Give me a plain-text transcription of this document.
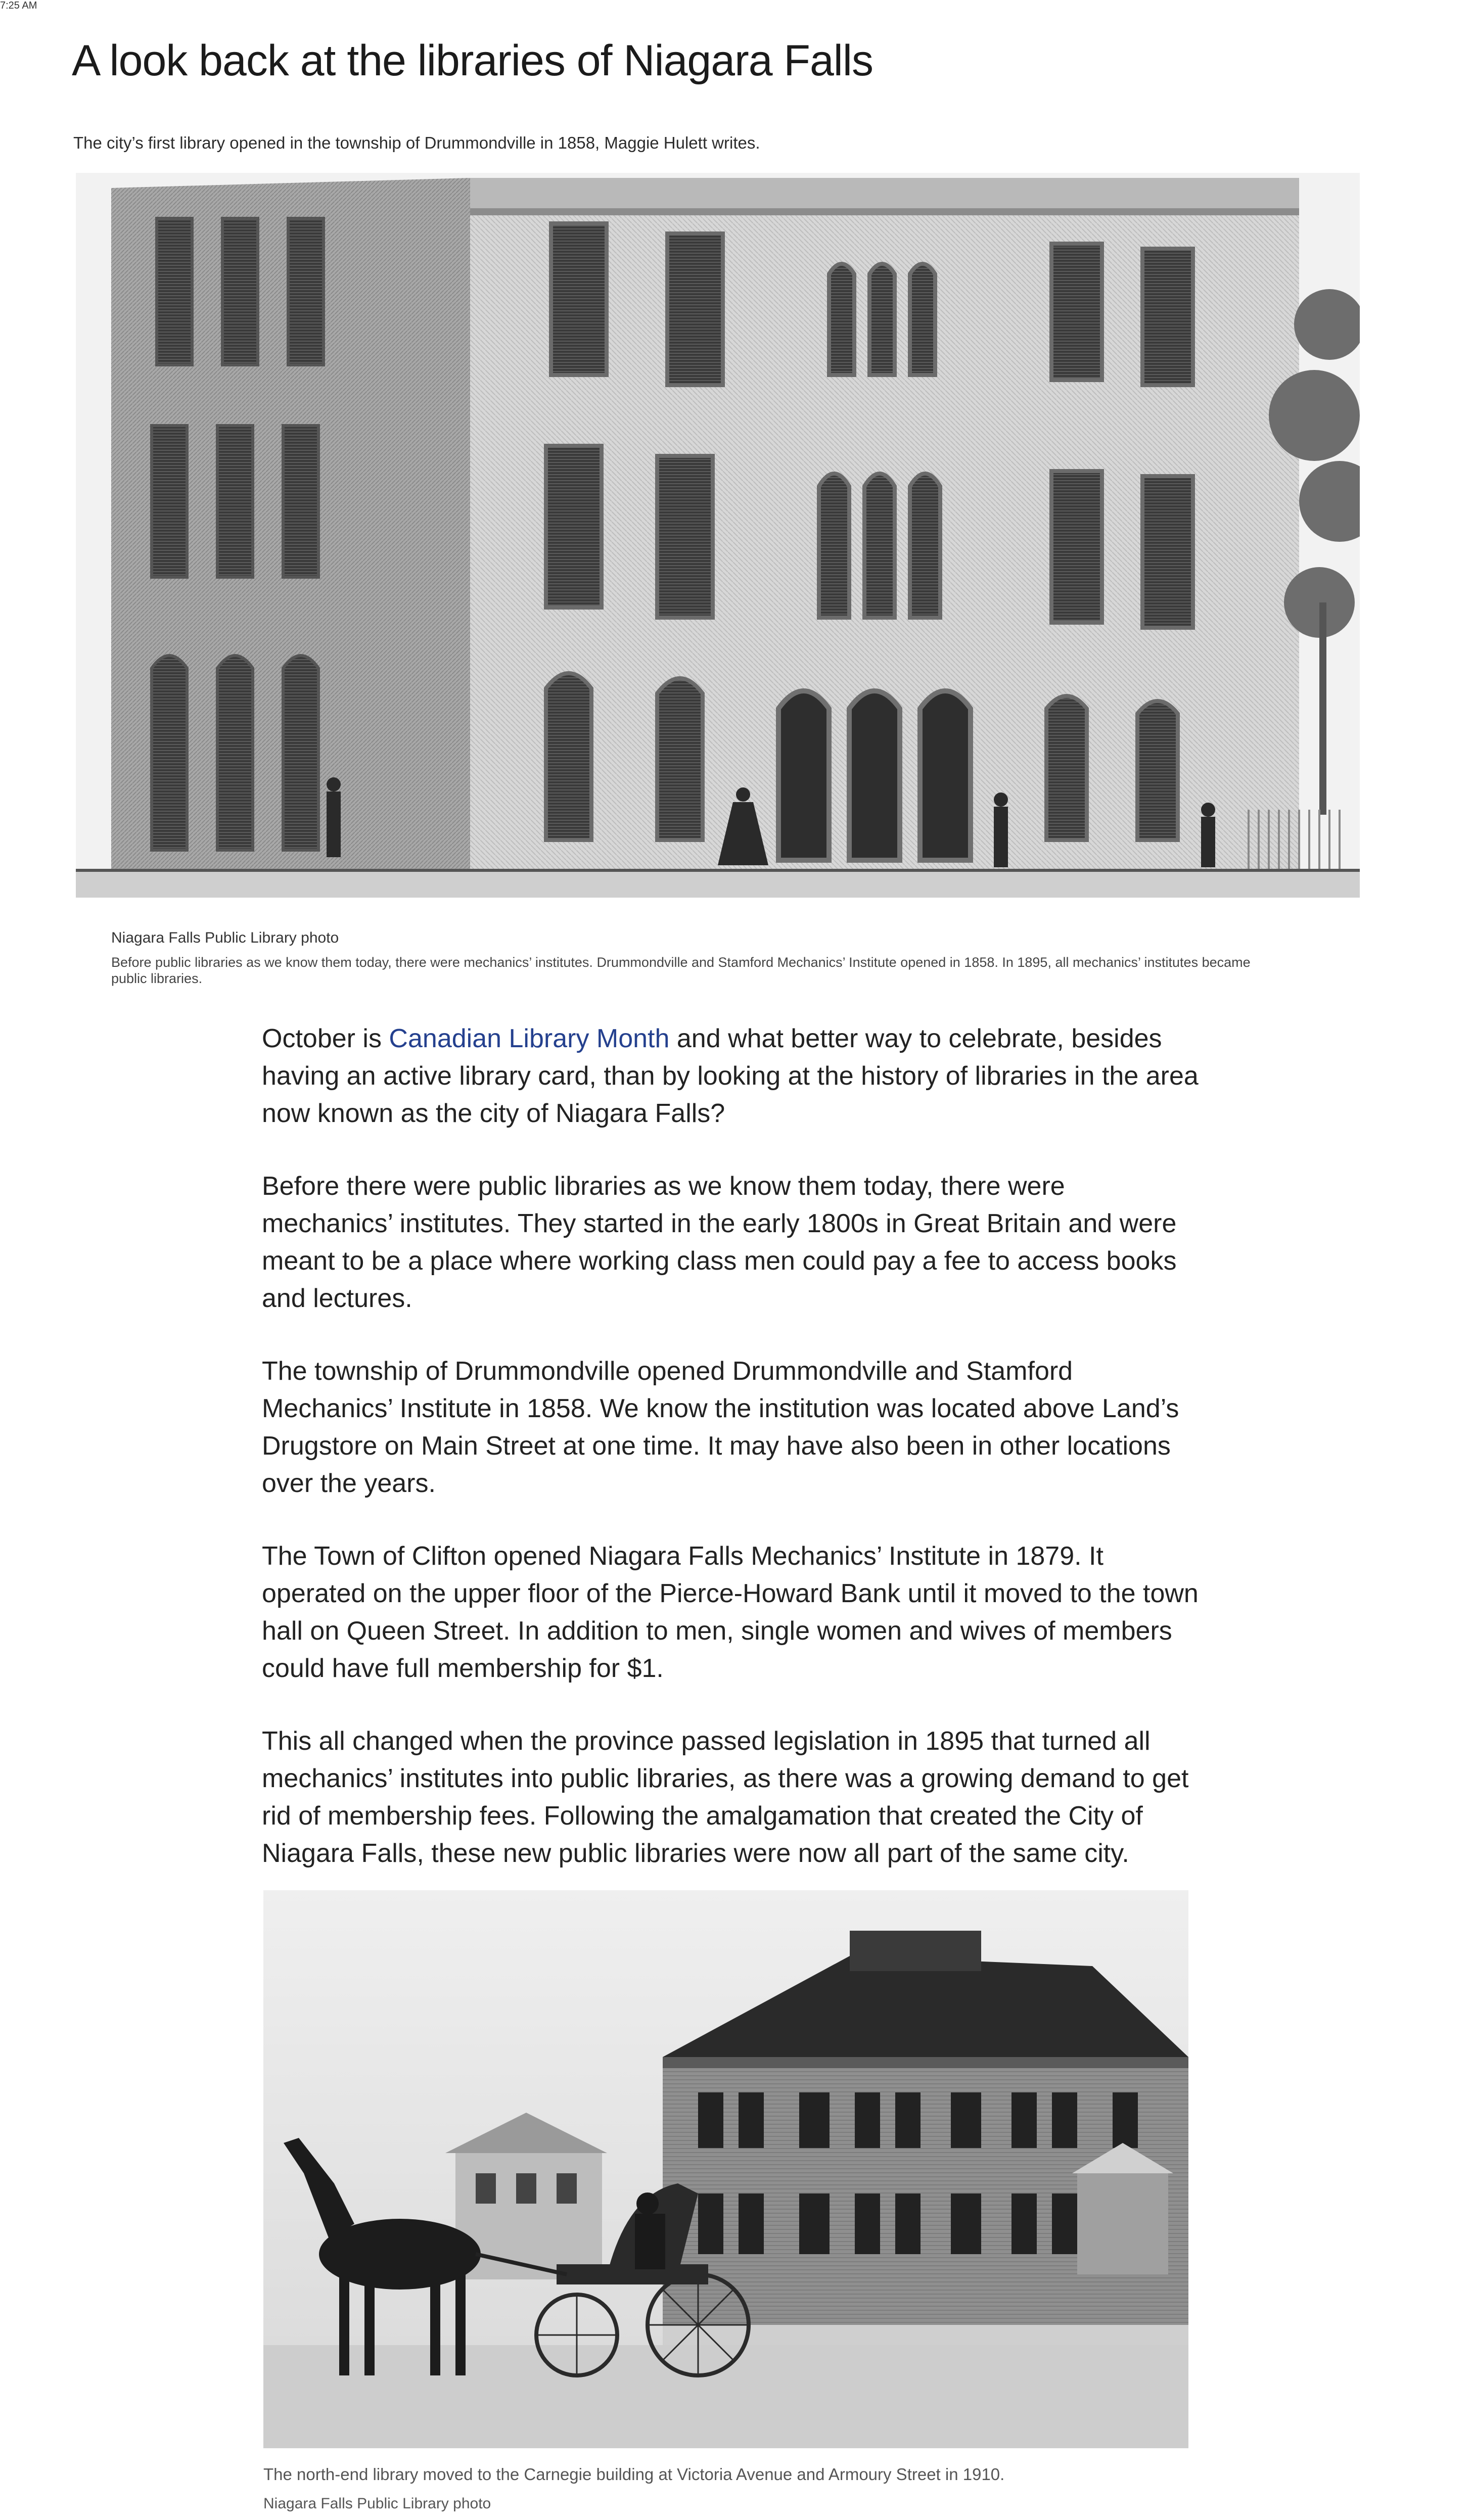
7:25 AM
A look back at the libraries of Niagara Falls

The city’s first library opened in the township of Drummondville in 1858, Maggie Hulett writes.

Niagara Falls Public Library photo
Before public libraries as we know them today, there were mechanics’ institutes. Drummondville and Stamford Mechanics’ Institute opened in 1858. In 1895, all mechanics’ institutes became public libraries.

October is Canadian Library Month and what better way to celebrate, besides having an active library card, than by looking at the history of libraries in the area now known as the city of Niagara Falls?

Before there were public libraries as we know them today, there were mechanics’ institutes. They started in the early 1800s in Great Britain and were meant to be a place where working class men could pay a fee to access books and lectures.

The township of Drummondville opened Drummondville and Stamford Mechanics’ Institute in 1858. We know the institution was located above Land’s Drugstore on Main Street at one time. It may have also been in other locations over the years.

The Town of Clifton opened Niagara Falls Mechanics’ Institute in 1879. It operated on the upper floor of the Pierce-Howard Bank until it moved to the town hall on Queen Street. In addition to men, single women and wives of members could have full membership for $1.

This all changed when the province passed legislation in 1895 that turned all mechanics’ institutes into public libraries, as there was a growing demand to get rid of membership fees. Following the amalgamation that created the City of Niagara Falls, these new public libraries were now all part of the same city.

The north-end library moved to the Carnegie building at Victoria Avenue and Armoury Street in 1910.
Niagara Falls Public Library photo
